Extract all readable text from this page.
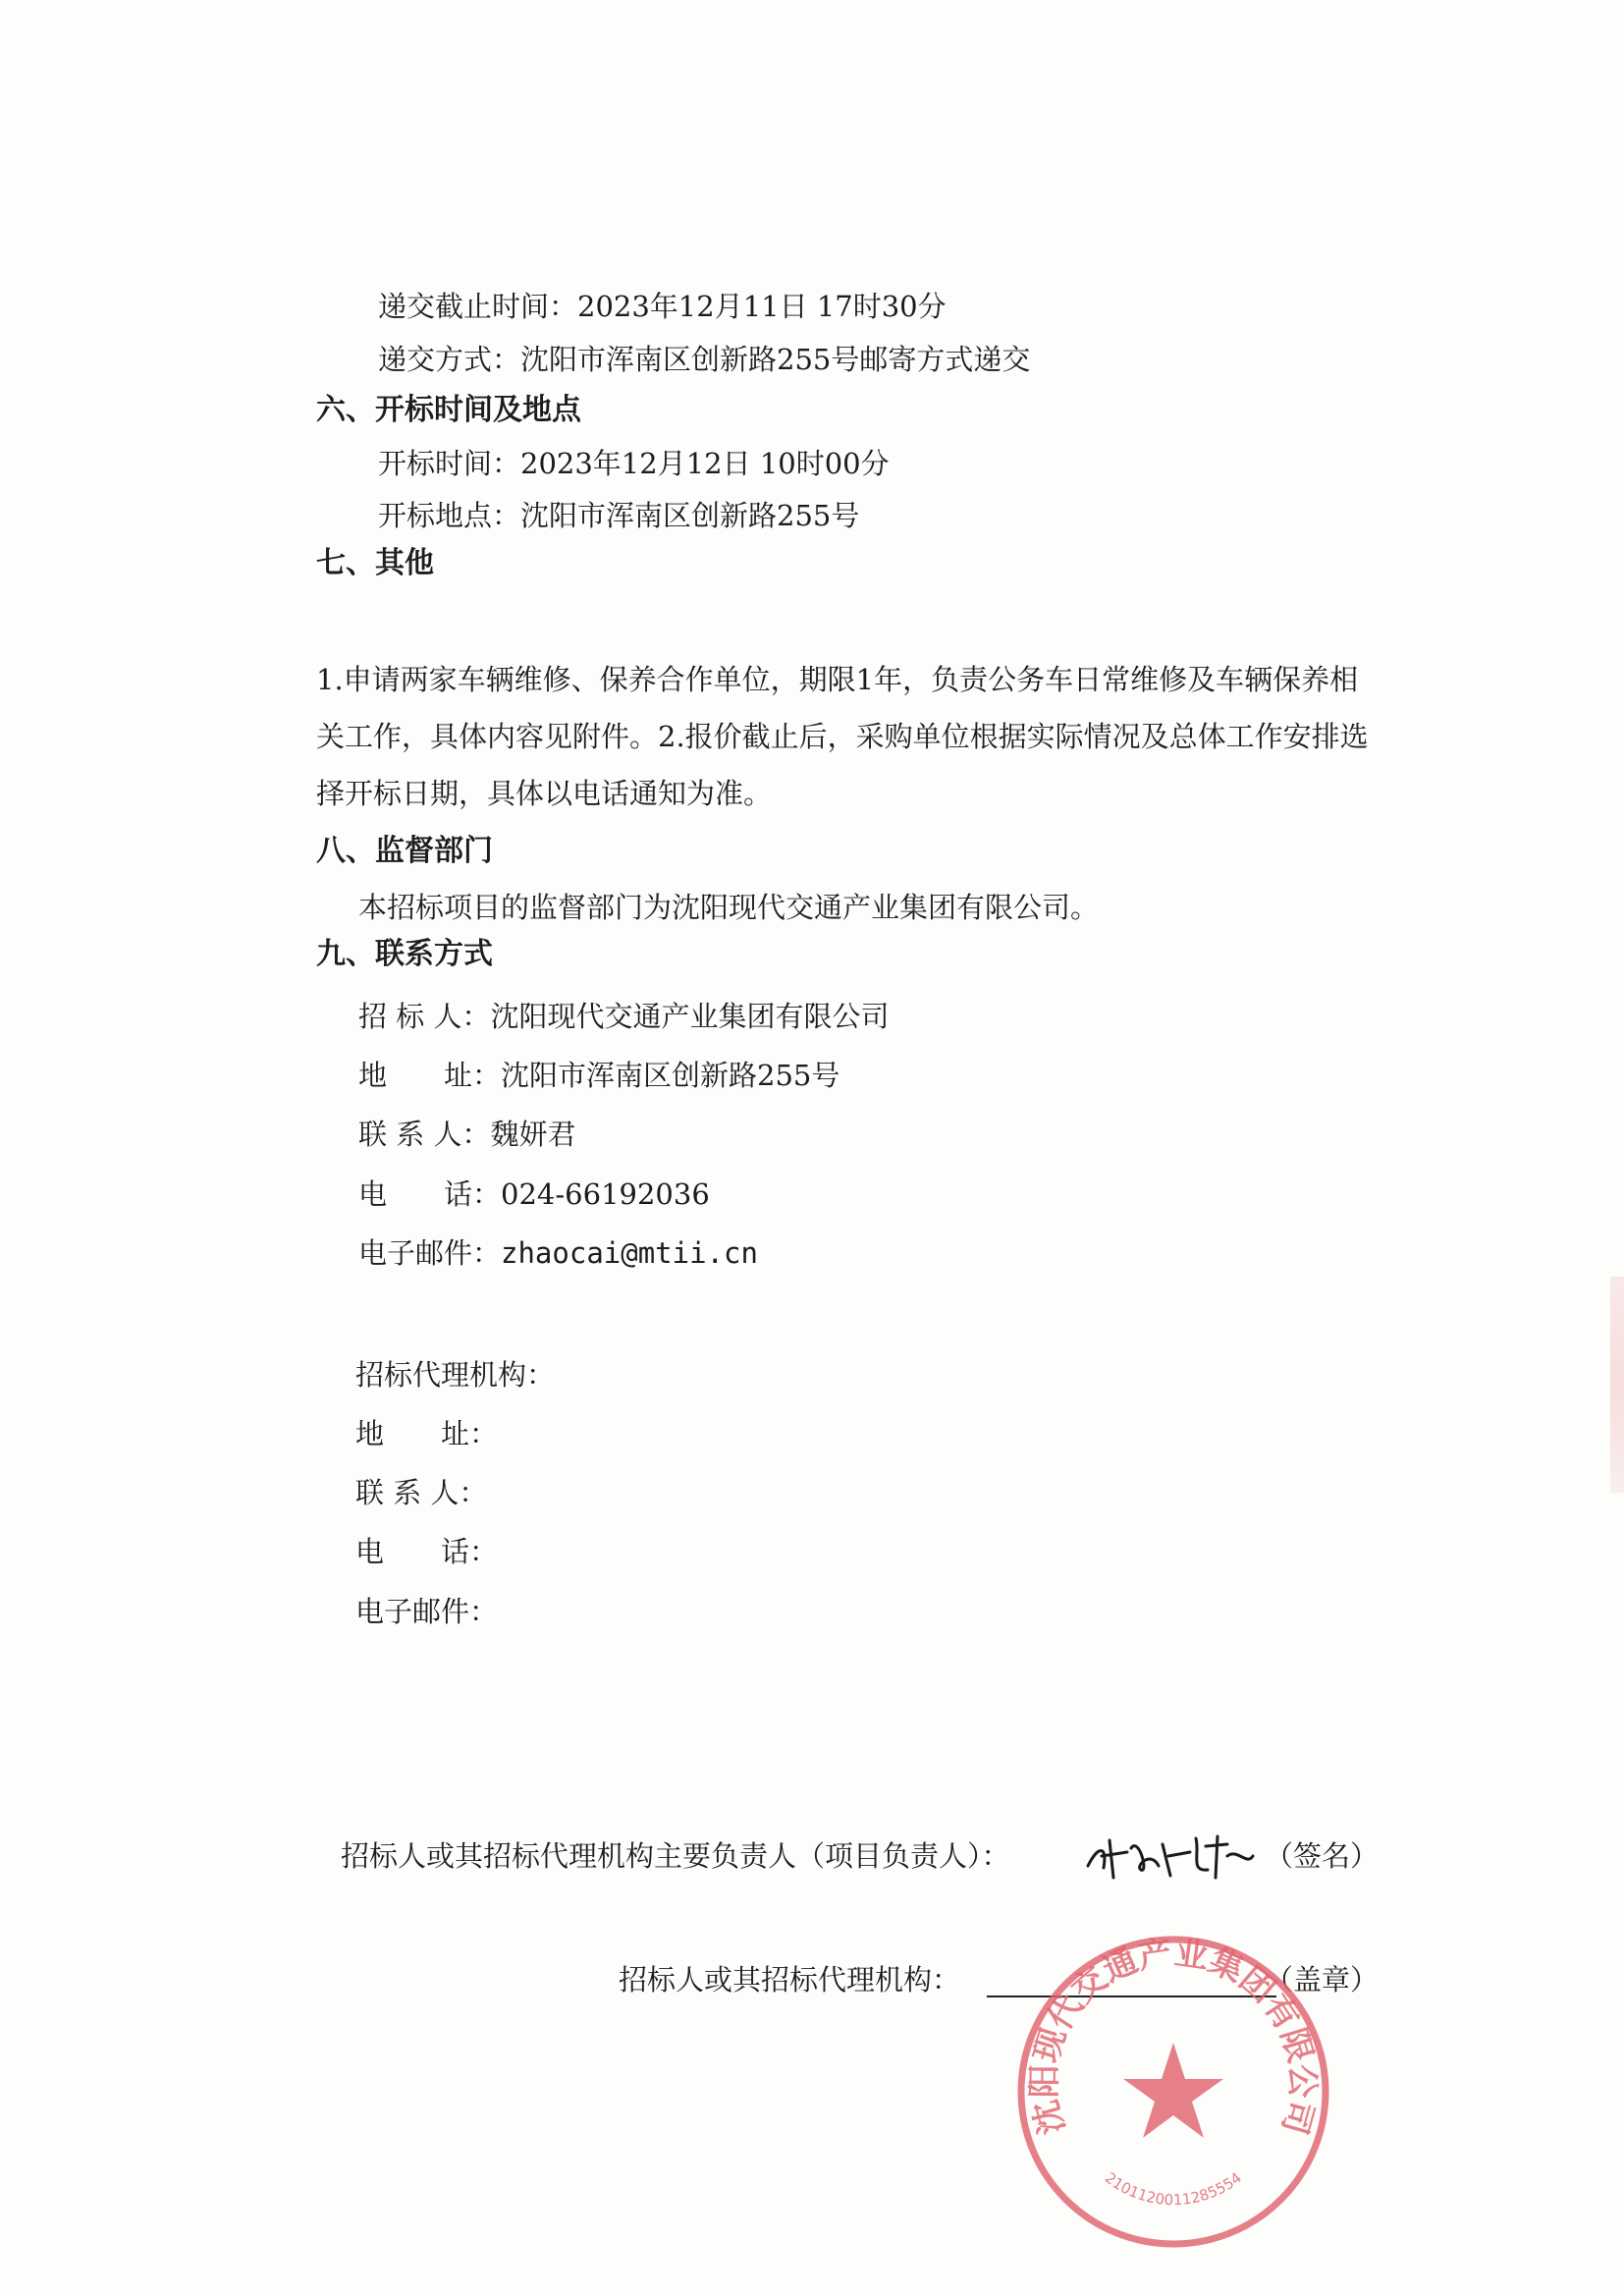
递交截止时间：2023年12月11日 17时30分
递交方式：沈阳市浑南区创新路255号邮寄方式递交
六、开标时间及地点
开标时间：2023年12月12日 10时00分
开标地点：沈阳市浑南区创新路255号
七、其他
1.申请两家车辆维修、保养合作单位，期限1年，负责公务车日常维修及车辆保养相关工作，具体内容见附件。2.报价截止后，采购单位根据实际情况及总体工作安排选择开标日期，具体以电话通知为准。
八、监督部门
本招标项目的监督部门为沈阳现代交通产业集团有限公司。
九、联系方式
招 标 人：沈阳现代交通产业集团有限公司
地　　址：沈阳市浑南区创新路255号
联 系 人：魏妍君
电　　话：024-66192036
电子邮件：zhaocai@mtii.cn
招标代理机构：
地　　址：
联 系 人：
电　　话：
电子邮件：
招标人或其招标代理机构主要负责人（项目负责人）：	（签名）
招标人或其招标代理机构：	（盖章）
沈阳现代交通产业集团有限公司
2101120011285554
